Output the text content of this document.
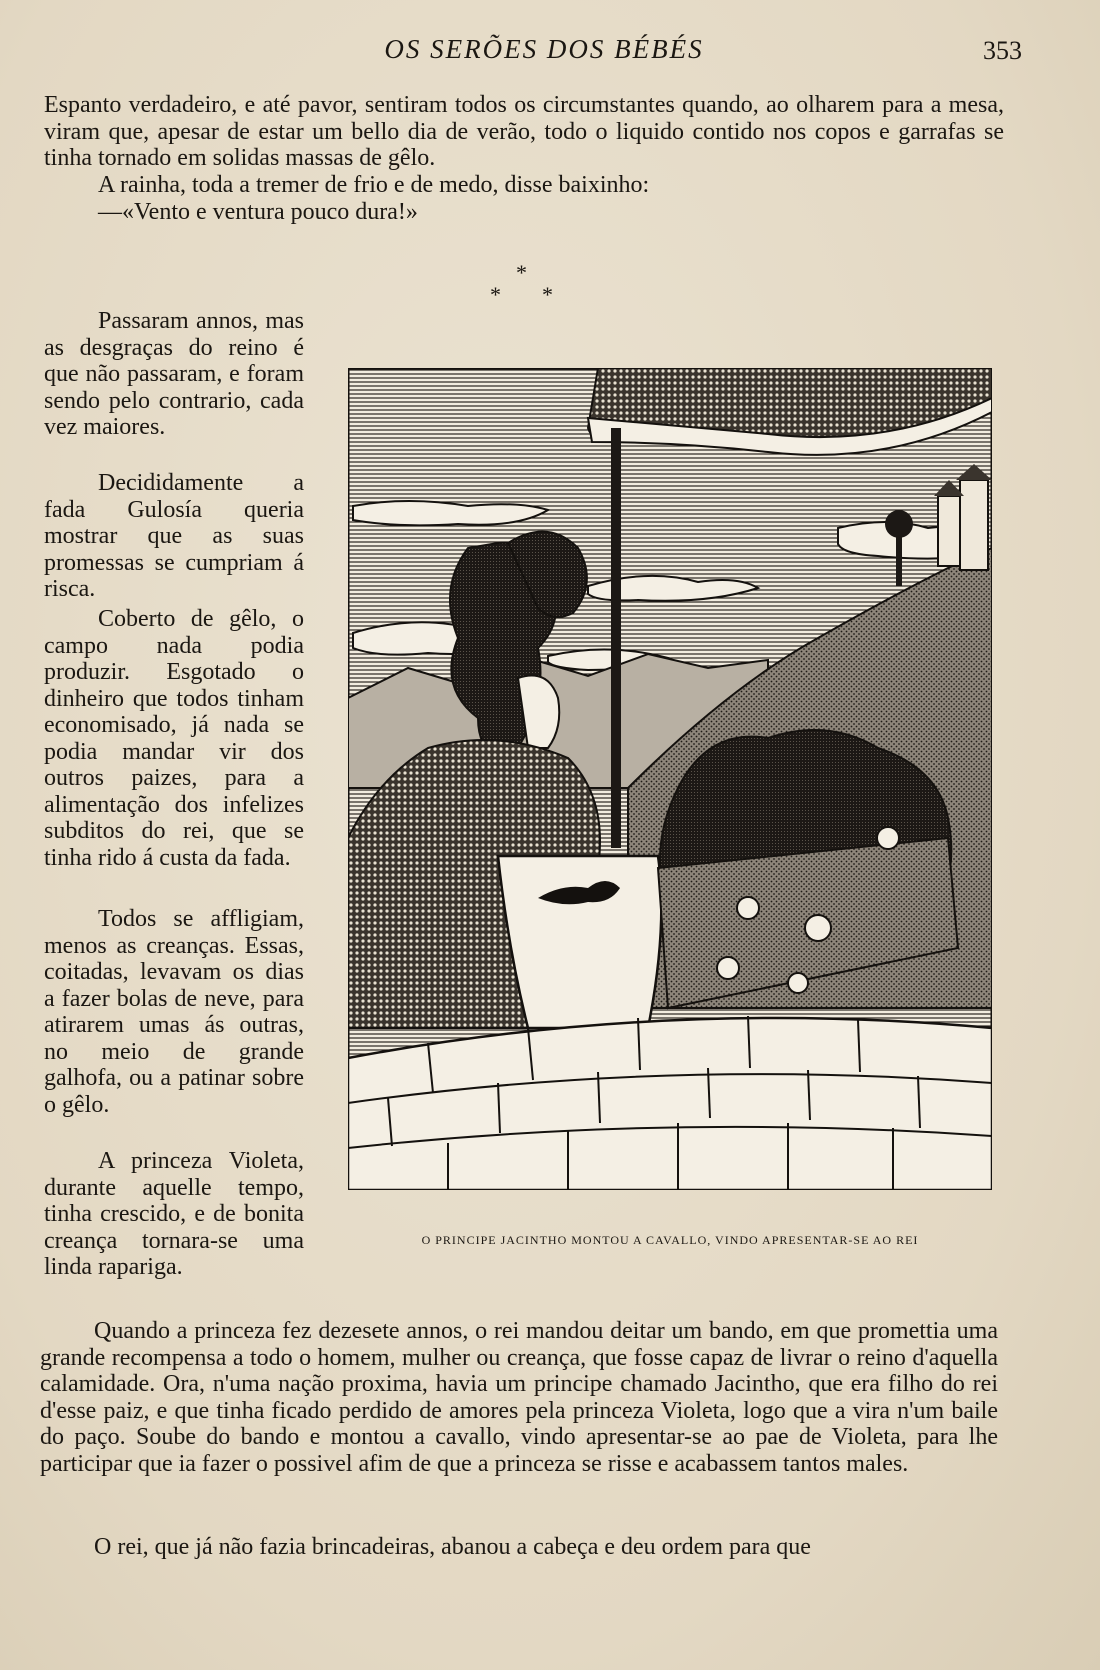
OS SERÕES DOS BÉBÉS	353

Espanto verdadeiro, e até pavor, sentiram todos os circumstantes quando, ao olharem para a mesa, viram que, apesar de estar um bello dia de verão, todo o liquido contido nos copos e garrafas se tinha tornado em solidas massas de gêlo.

A rainha, toda a tremer de frio e de medo, disse baixinho:

—«Vento e ventura pouco dura!»

*
* *

Passaram annos, mas as desgraças do reino é que não passaram, e foram sendo pelo contrario, cada vez maiores.

Decididamente a fada Gulosía queria mostrar que as suas promessas se cumpriam á risca.

Coberto de gêlo, o campo nada podia produzir. Esgotado o dinheiro que todos tinham economisado, já nada se podia mandar vir dos outros paizes, para a alimentação dos infelizes subditos do rei, que se tinha rido á custa da fada.

Todos se affligiam, menos as creanças. Essas, coitadas, levavam os dias a fazer bolas de neve, para atirarem umas ás outras, no meio de grande galhofa, ou a patinar sobre o gêlo.

A princeza Violeta, durante aquelle tempo, tinha crescido, e de bonita creança tornara-se uma linda rapariga.

O PRINCIPE JACINTHO MONTOU A CAVALLO, VINDO APRESENTAR-SE AO REI

Quando a princeza fez dezesete annos, o rei mandou deitar um bando, em que promettia uma grande recompensa a todo o homem, mulher ou creança, que fosse capaz de livrar o reino d'aquella calamidade. Ora, n'uma nação proxima, havia um principe chamado Jacintho, que era filho do rei d'esse paiz, e que tinha ficado perdido de amores pela princeza Violeta, logo que a vira n'um baile do paço. Soube do bando e montou a cavallo, vindo apresentar-se ao pae de Violeta, para lhe participar que ia fazer o possivel afim de que a princeza se risse e acabassem tantos males.

O rei, que já não fazia brincadeiras, abanou a cabeça e deu ordem para que
